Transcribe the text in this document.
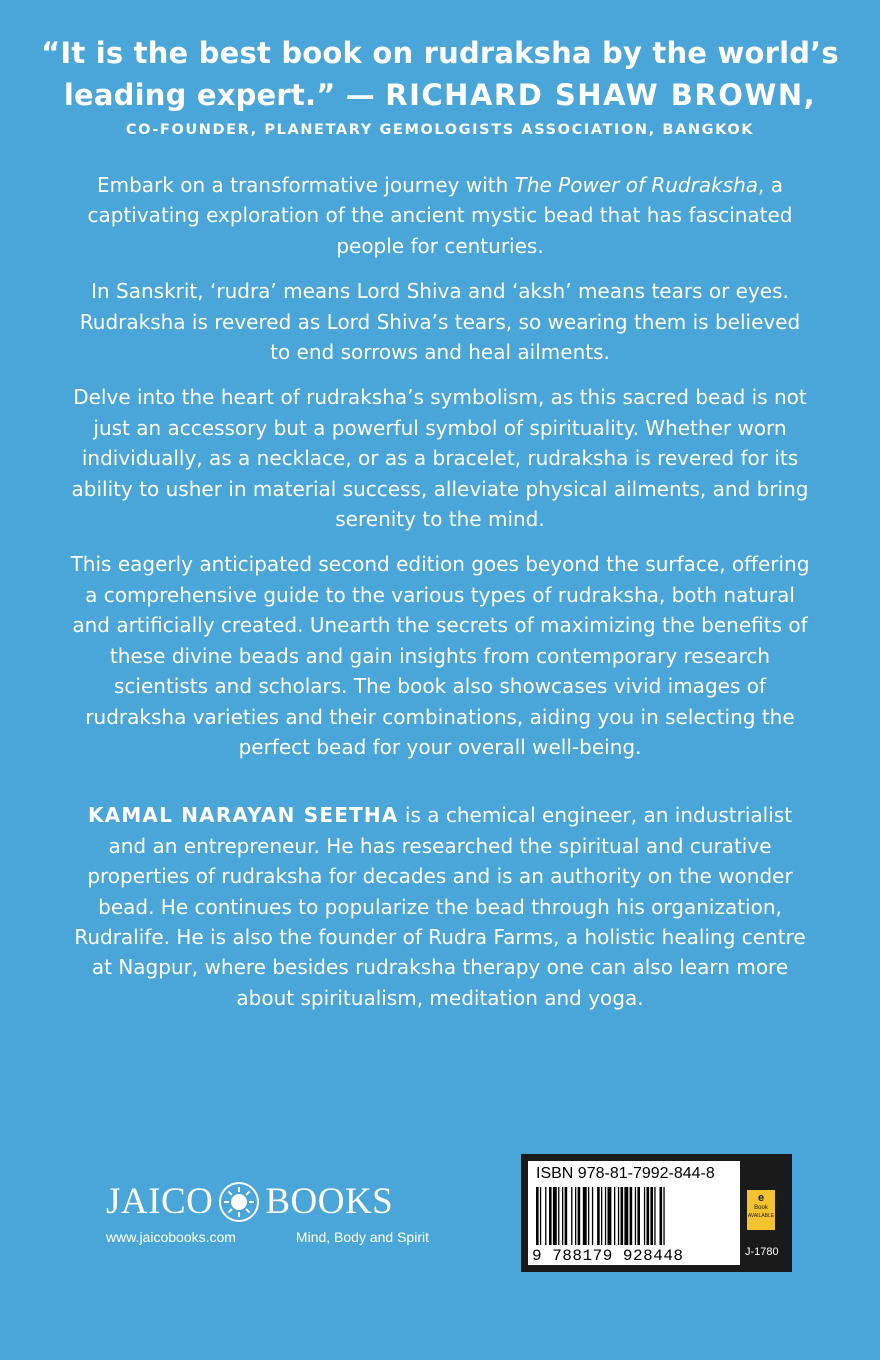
“It is the best book on rudraksha by the world’s leading expert.” — RICHARD SHAW BROWN,
CO-FOUNDER, PLANETARY GEMOLOGISTS ASSOCIATION, BANGKOK

Embark on a transformative journey with The Power of Rudraksha, a captivating exploration of the ancient mystic bead that has fascinated people for centuries.

In Sanskrit, ‘rudra’ means Lord Shiva and ‘aksh’ means tears or eyes. Rudraksha is revered as Lord Shiva’s tears, so wearing them is believed to end sorrows and heal ailments.

Delve into the heart of rudraksha’s symbolism, as this sacred bead is not just an accessory but a powerful symbol of spirituality. Whether worn individually, as a necklace, or as a bracelet, rudraksha is revered for its ability to usher in material success, alleviate physical ailments, and bring serenity to the mind.

This eagerly anticipated second edition goes beyond the surface, offering a comprehensive guide to the various types of rudraksha, both natural and artificially created. Unearth the secrets of maximizing the benefits of these divine beads and gain insights from contemporary research scientists and scholars. The book also showcases vivid images of rudraksha varieties and their combinations, aiding you in selecting the perfect bead for your overall well-being.

KAMAL NARAYAN SEETHA is a chemical engineer, an industrialist and an entrepreneur. He has researched the spiritual and curative properties of rudraksha for decades and is an authority on the wonder bead. He continues to popularize the bead through his organization, Rudralife. He is also the founder of Rudra Farms, a holistic healing centre at Nagpur, where besides rudraksha therapy one can also learn more about spiritualism, meditation and yoga.

JAICO BOOKS
www.jaicobooks.com	Mind, Body and Spirit
ISBN 978-81-7992-844-8
9 788179 928448
e
Book
AVAILABLE
J-1780
